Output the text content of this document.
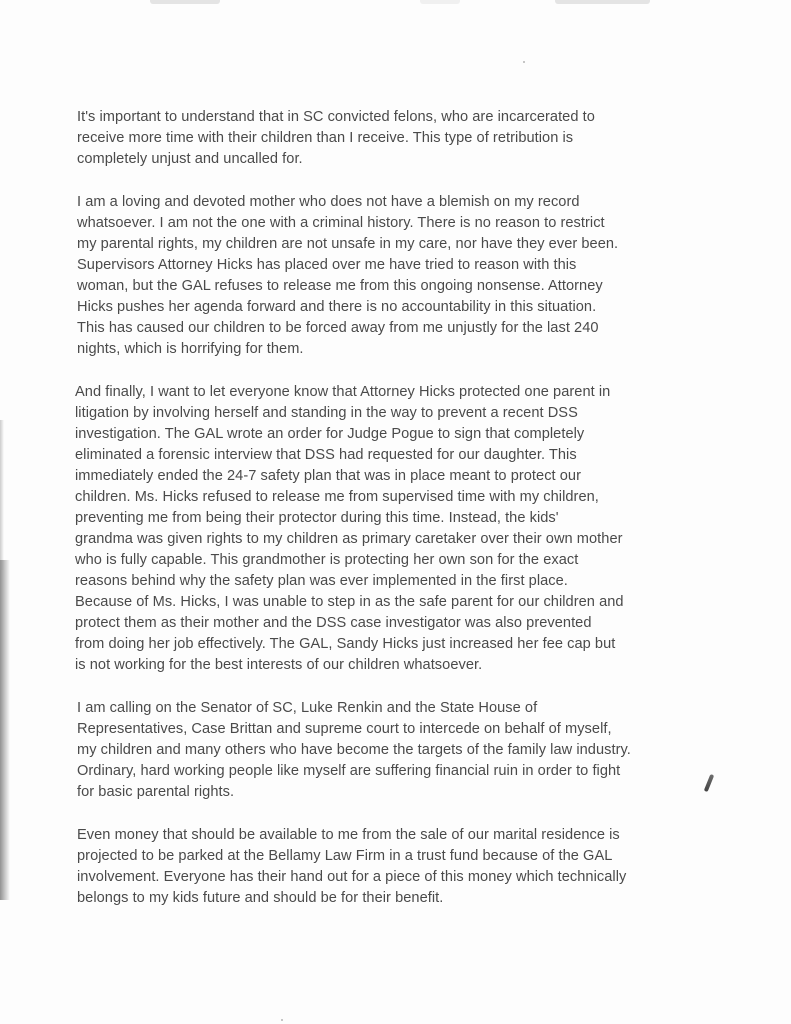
It's important to understand that in SC convicted felons, who are incarcerated to
receive more time with their children than I receive. This type of retribution is
completely unjust and uncalled for.

I am a loving and devoted mother who does not have a blemish on my record
whatsoever. I am not the one with a criminal history. There is no reason to restrict
my parental rights, my children are not unsafe in my care, nor have they ever been.
Supervisors Attorney Hicks has placed over me have tried to reason with this
woman, but the GAL refuses to release me from this ongoing nonsense. Attorney
Hicks pushes her agenda forward and there is no accountability in this situation.
This has caused our children to be forced away from me unjustly for the last 240
nights, which is horrifying for them.

And finally, I want to let everyone know that Attorney Hicks protected one parent in
litigation by involving herself and standing in the way to prevent a recent DSS
investigation. The GAL wrote an order for Judge Pogue to sign that completely
eliminated a forensic interview that DSS had requested for our daughter. This
immediately ended the 24-7 safety plan that was in place meant to protect our
children. Ms. Hicks refused to release me from supervised time with my children,
preventing me from being their protector during this time. Instead, the kids'
grandma was given rights to my children as primary caretaker over their own mother
who is fully capable. This grandmother is protecting her own son for the exact
reasons behind why the safety plan was ever implemented in the first place.
Because of Ms. Hicks, I was unable to step in as the safe parent for our children and
protect them as their mother and the DSS case investigator was also prevented
from doing her job effectively. The GAL, Sandy Hicks just increased her fee cap but
is not working for the best interests of our children whatsoever.

I am calling on the Senator of SC, Luke Renkin and the State House of
Representatives, Case Brittan and supreme court to intercede on behalf of myself,
my children and many others who have become the targets of the family law industry.
Ordinary, hard working people like myself are suffering financial ruin in order to fight
for basic parental rights.

Even money that should be available to me from the sale of our marital residence is
projected to be parked at the Bellamy Law Firm in a trust fund because of the GAL
involvement. Everyone has their hand out for a piece of this money which technically
belongs to my kids future and should be for their benefit.
